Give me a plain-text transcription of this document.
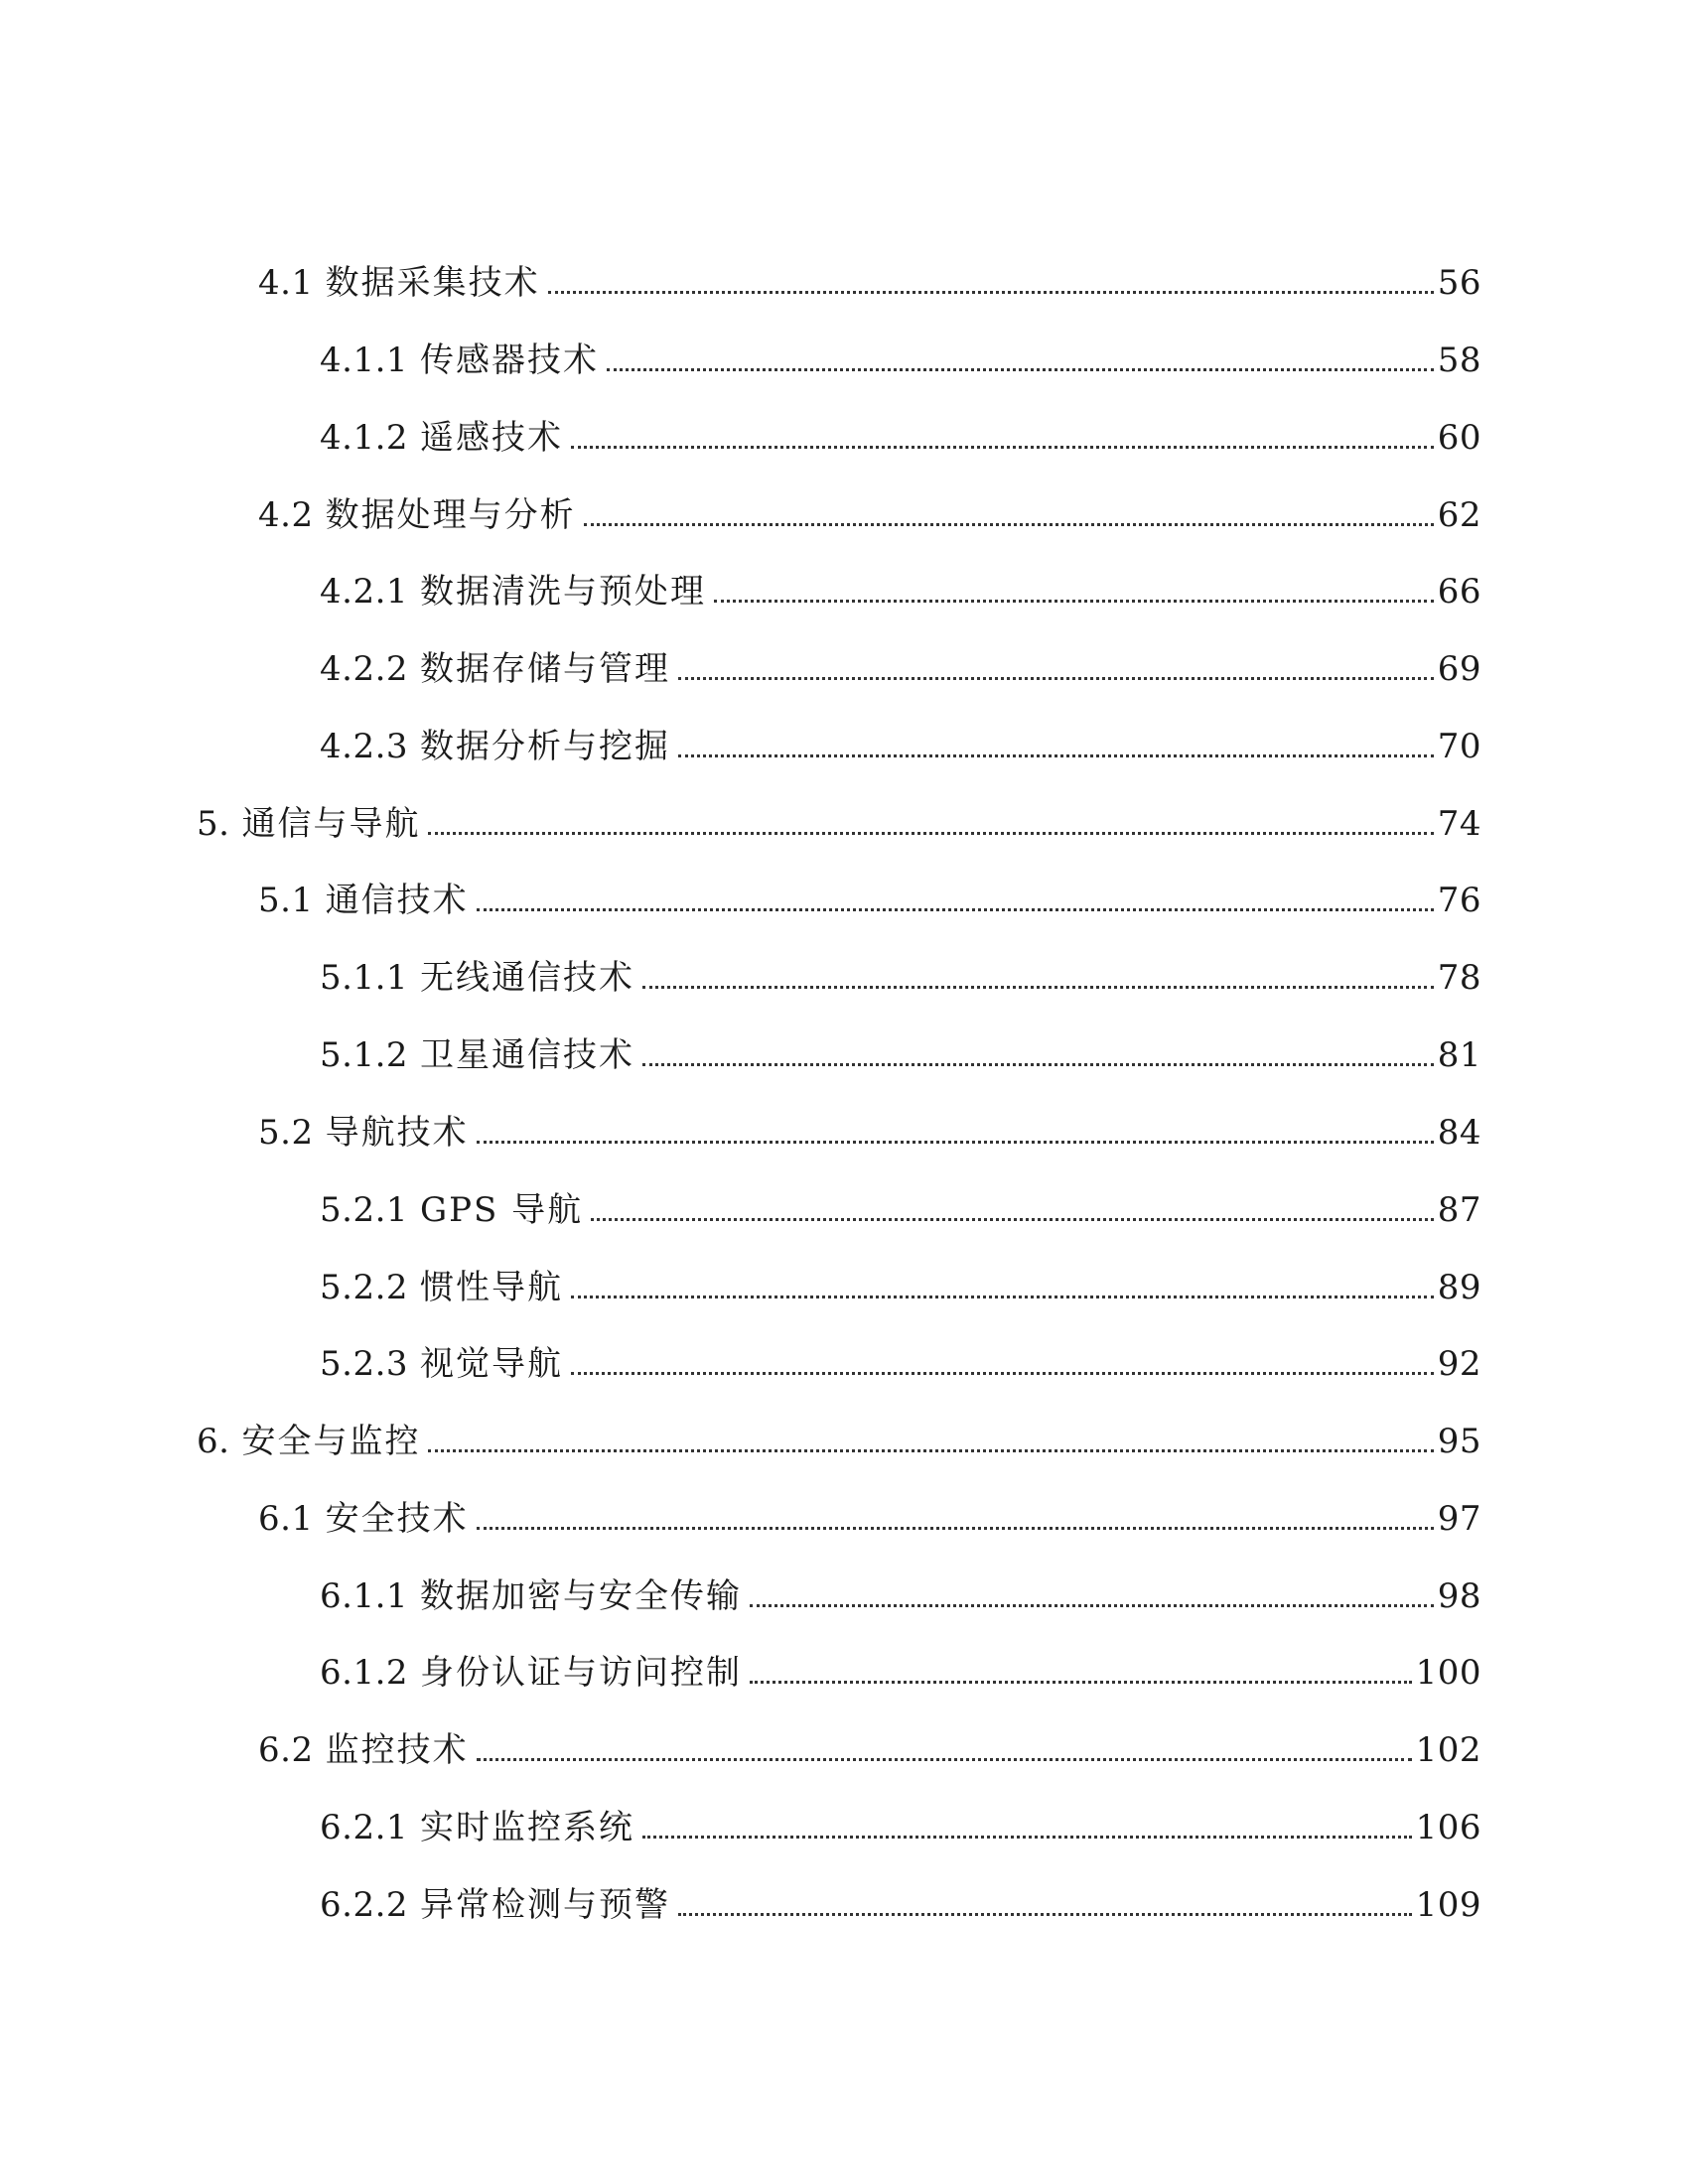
4.1 数据采集技术	56
4.1.1 传感器技术	58
4.1.2 遥感技术	60
4.2 数据处理与分析	62
4.2.1 数据清洗与预处理	66
4.2.2 数据存储与管理	69
4.2.3 数据分析与挖掘	70
5. 通信与导航	74
5.1 通信技术	76
5.1.1 无线通信技术	78
5.1.2 卫星通信技术	81
5.2 导航技术	84
5.2.1 GPS 导航	87
5.2.2 惯性导航	89
5.2.3 视觉导航	92
6. 安全与监控	95
6.1 安全技术	97
6.1.1 数据加密与安全传输	98
6.1.2 身份认证与访问控制	100
6.2 监控技术	102
6.2.1 实时监控系统	106
6.2.2 异常检测与预警	109
